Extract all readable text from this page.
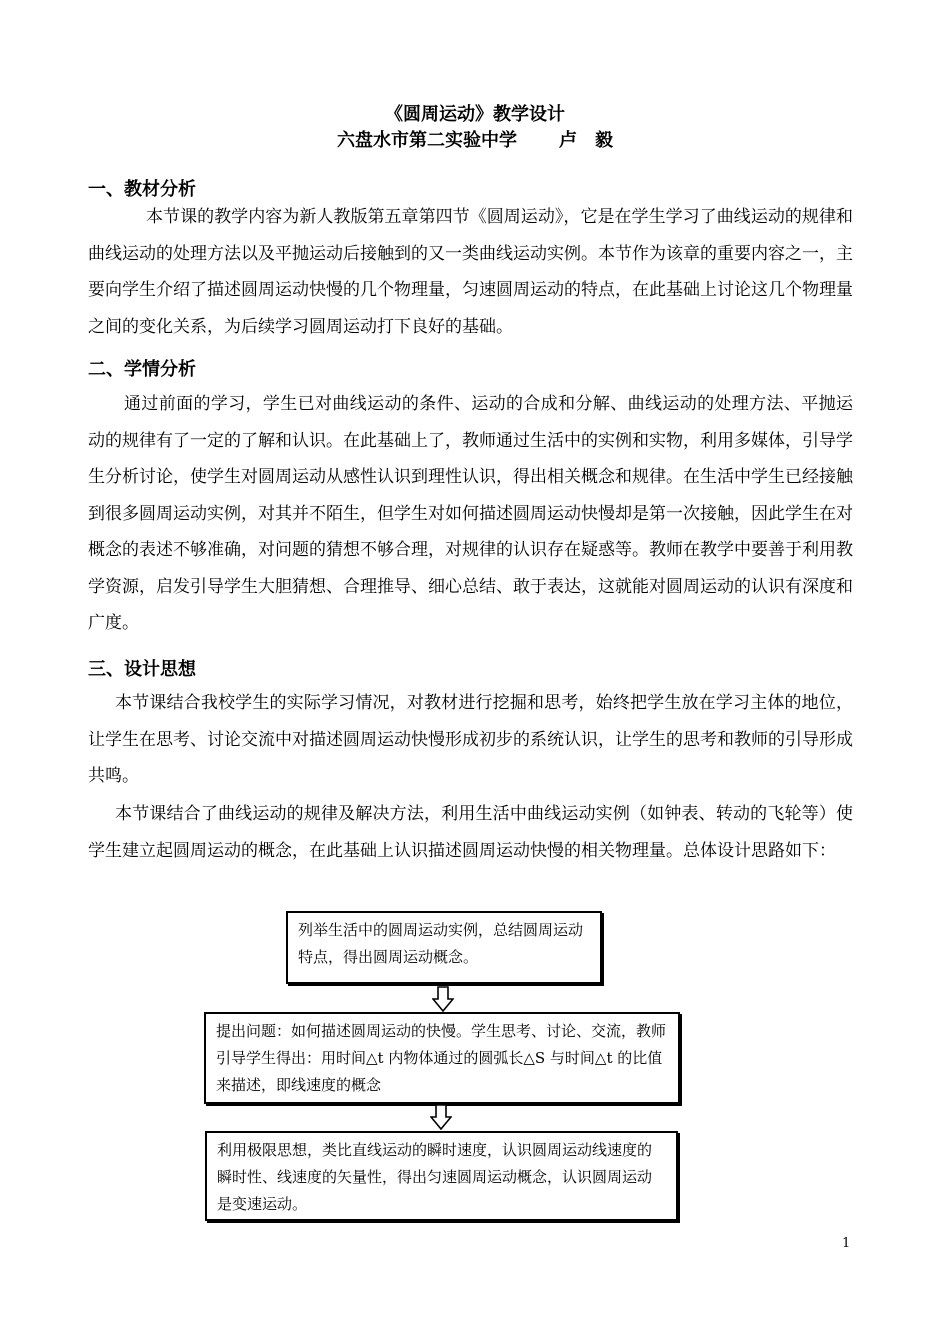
《圆周运动》教学设计
六盘水市第二实验中学 卢 毅
一、教材分析
本节课的教学内容为新人教版第五章第四节《圆周运动》，它是在学生学习了曲线运动的规律和曲线运动的处理方法以及平抛运动后接触到的又一类曲线运动实例。本节作为该章的重要内容之一，主要向学生介绍了描述圆周运动快慢的几个物理量，匀速圆周运动的特点，在此基础上讨论这几个物理量之间的变化关系，为后续学习圆周运动打下良好的基础。
二、学情分析
通过前面的学习，学生已对曲线运动的条件、运动的合成和分解、曲线运动的处理方法、平抛运动的规律有了一定的了解和认识。在此基础上了，教师通过生活中的实例和实物，利用多媒体，引导学生分析讨论，使学生对圆周运动从感性认识到理性认识，得出相关概念和规律。在生活中学生已经接触到很多圆周运动实例，对其并不陌生，但学生对如何描述圆周运动快慢却是第一次接触，因此学生在对概念的表述不够准确，对问题的猜想不够合理，对规律的认识存在疑惑等。教师在教学中要善于利用教学资源，启发引导学生大胆猜想、合理推导、细心总结、敢于表达，这就能对圆周运动的认识有深度和广度。
三、设计思想
本节课结合我校学生的实际学习情况，对教材进行挖掘和思考，始终把学生放在学习主体的地位，让学生在思考、讨论交流中对描述圆周运动快慢形成初步的系统认识，让学生的思考和教师的引导形成共鸣。
本节课结合了曲线运动的规律及解决方法，利用生活中曲线运动实例（如钟表、转动的飞轮等）使学生建立起圆周运动的概念，在此基础上认识描述圆周运动快慢的相关物理量。总体设计思路如下：
列举生活中的圆周运动实例，总结圆周运动特点，得出圆周运动概念。
提出问题：如何描述圆周运动的快慢。学生思考、讨论、交流，教师引导学生得出：用时间△t 内物体通过的圆弧长△S 与时间△t 的比值来描述，即线速度的概念
利用极限思想，类比直线运动的瞬时速度，认识圆周运动线速度的瞬时性、线速度的矢量性，得出匀速圆周运动概念，认识圆周运动是变速运动。
1
